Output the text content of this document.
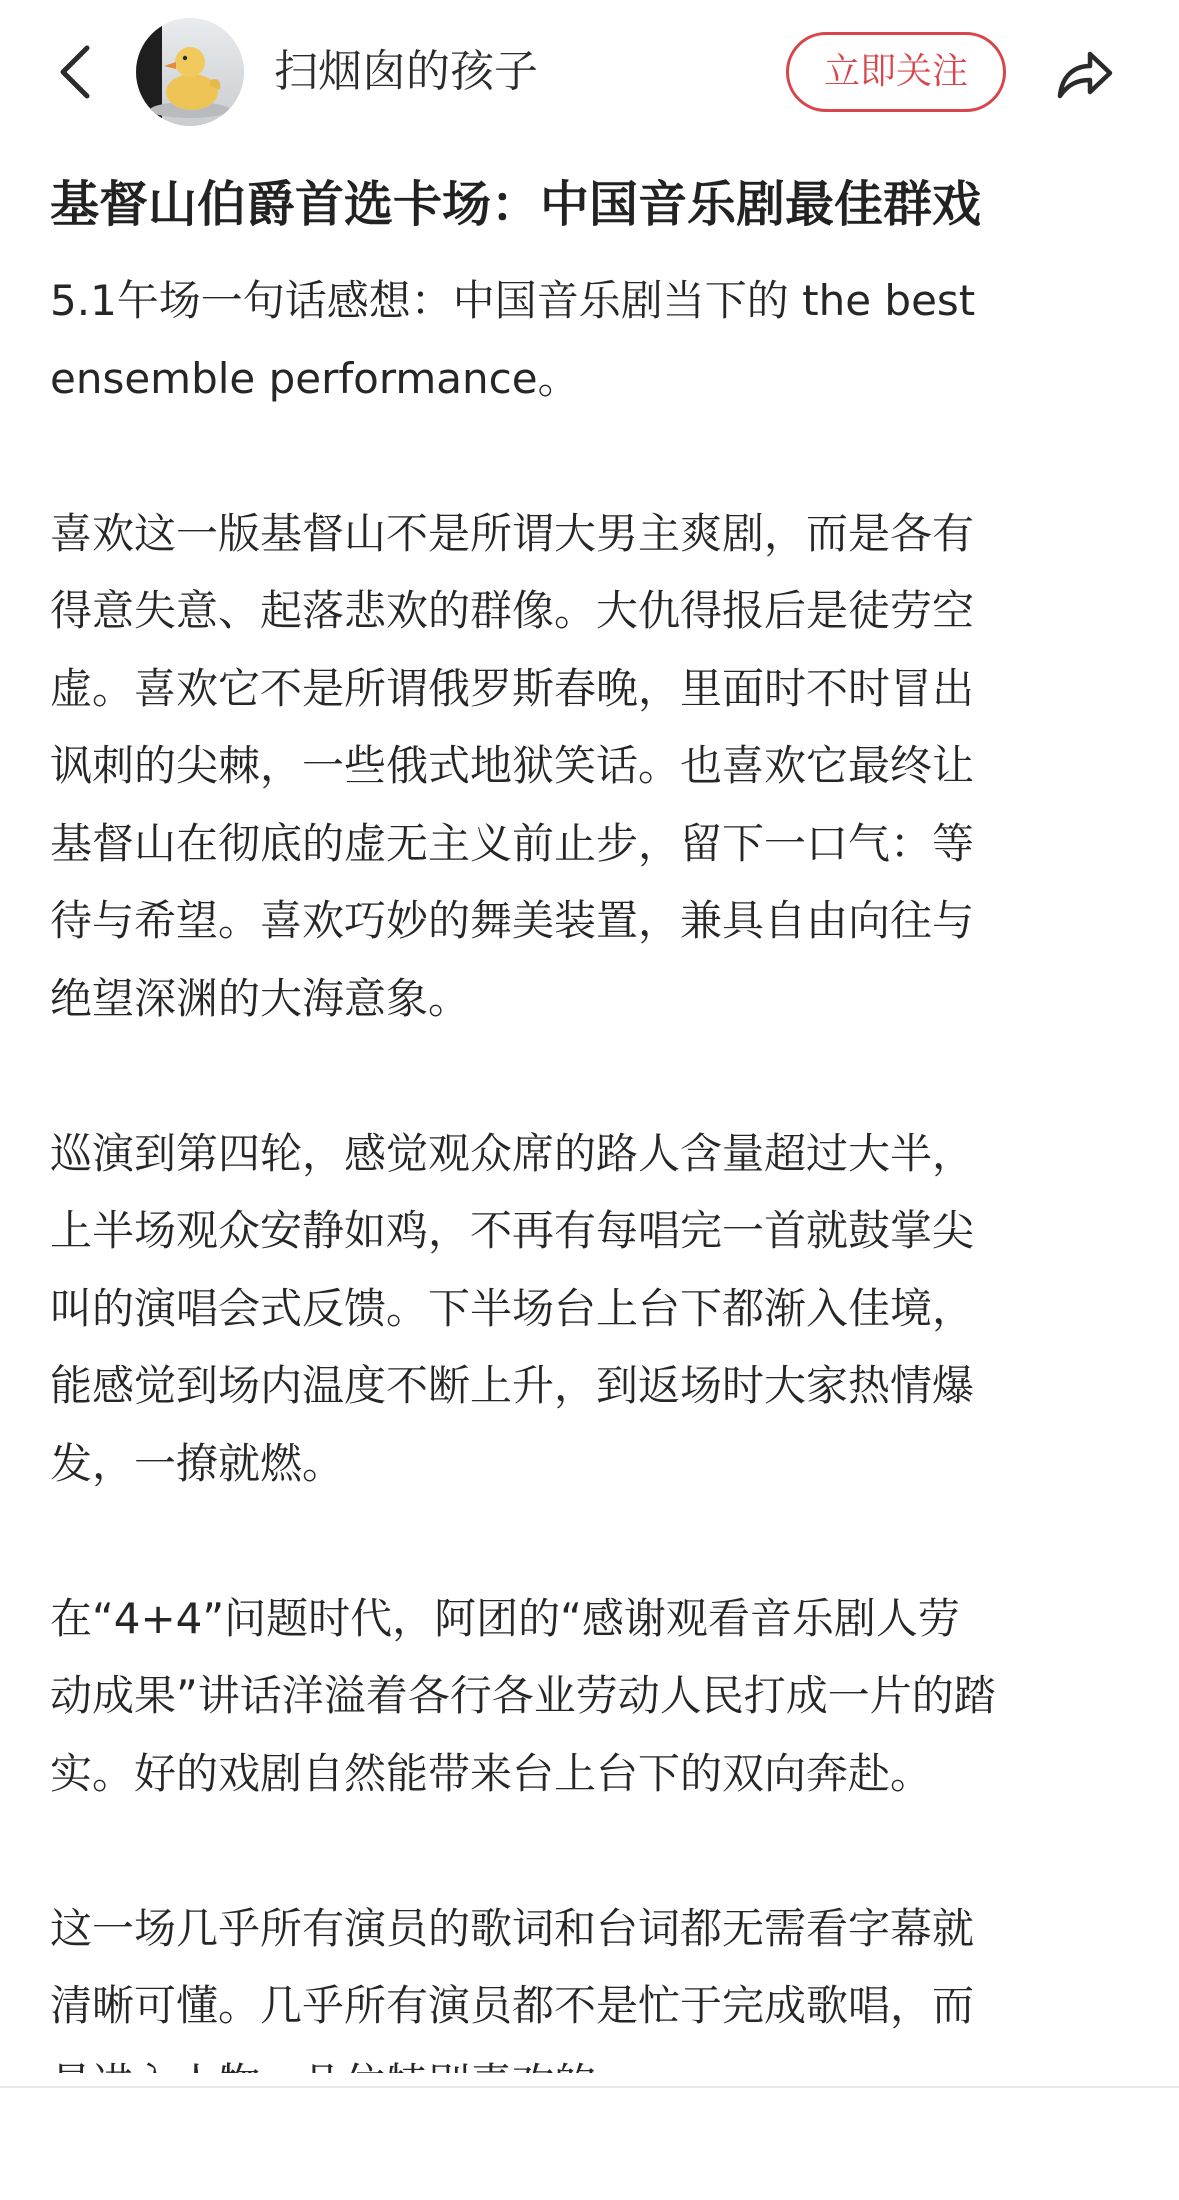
扫烟囱的孩子	立即关注
基督山伯爵首选卡场：中国音乐剧最佳群戏
5.1午场一句话感想：中国音乐剧当下的 the best
ensemble performance。
喜欢这一版基督山不是所谓大男主爽剧，而是各有
得意失意、起落悲欢的群像。大仇得报后是徒劳空
虚。喜欢它不是所谓俄罗斯春晚，里面时不时冒出
讽刺的尖棘，一些俄式地狱笑话。也喜欢它最终让
基督山在彻底的虚无主义前止步，留下一口气：等
待与希望。喜欢巧妙的舞美装置，兼具自由向往与
绝望深渊的大海意象。
巡演到第四轮，感觉观众席的路人含量超过大半，
上半场观众安静如鸡，不再有每唱完一首就鼓掌尖
叫的演唱会式反馈。下半场台上台下都渐入佳境，
能感觉到场内温度不断上升，到返场时大家热情爆
发，一撩就燃。
在“4+4”问题时代，阿团的“感谢观看音乐剧人劳
动成果”讲话洋溢着各行各业劳动人民打成一片的踏
实。好的戏剧自然能带来台上台下的双向奔赴。
这一场几乎所有演员的歌词和台词都无需看字幕就
清晰可懂。几乎所有演员都不是忙于完成歌唱，而
